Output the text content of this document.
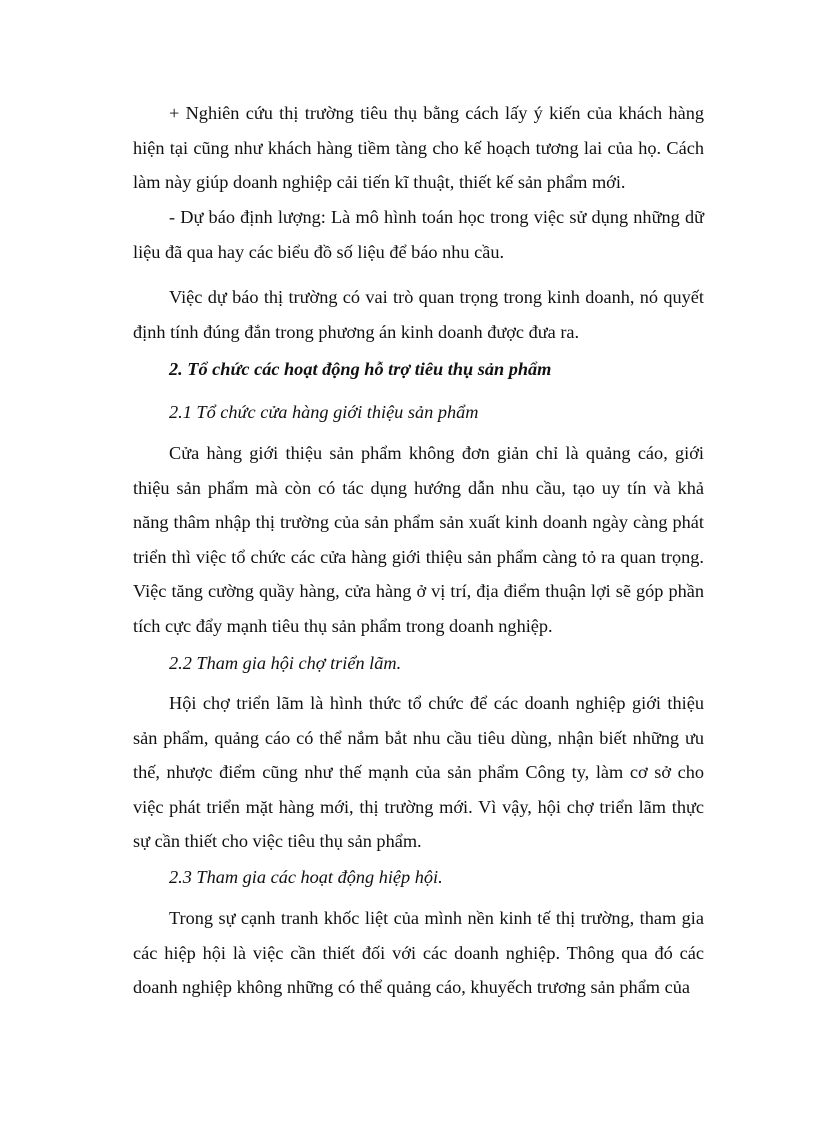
+ Nghiên cứu thị trường tiêu thụ bằng cách lấy ý kiến của khách hàng hiện tại cũng như khách hàng tiềm tàng cho kế hoạch tương lai của họ. Cách làm này giúp doanh nghiệp cải tiến kĩ thuật, thiết kế sản phẩm mới.

- Dự báo định lượng: Là mô hình toán học trong việc sử dụng những dữ liệu đã qua hay các biểu đồ số liệu để báo nhu cầu.

Việc dự báo thị trường có vai trò quan trọng trong kinh doanh, nó quyết định tính đúng đắn trong phương án kinh doanh được đưa ra.

2. Tổ chức các hoạt động hỗ trợ tiêu thụ sản phẩm

2.1 Tổ chức cửa hàng giới thiệu sản phẩm

Cửa hàng giới thiệu sản phẩm không đơn giản chỉ là quảng cáo, giới thiệu sản phẩm mà còn có tác dụng hướng dẫn nhu cầu, tạo uy tín và khả năng thâm nhập thị trường của sản phẩm sản xuất kinh doanh ngày càng phát triển thì việc tổ chức các cửa hàng giới thiệu sản phẩm càng tỏ ra quan trọng. Việc tăng cường quầy hàng, cửa hàng ở vị trí, địa điểm thuận lợi sẽ góp phần tích cực đẩy mạnh tiêu thụ sản phẩm trong doanh nghiệp.

2.2 Tham gia hội chợ triển lãm.

Hội chợ triển lãm là hình thức tổ chức để các doanh nghiệp giới thiệu sản phẩm, quảng cáo có thể nắm bắt nhu cầu tiêu dùng, nhận biết những ưu thế, nhược điểm cũng như thế mạnh của sản phẩm Công ty, làm cơ sở cho việc phát triển mặt hàng mới, thị trường mới. Vì vậy, hội chợ triển lãm thực sự cần thiết cho việc tiêu thụ sản phẩm.

2.3 Tham gia các hoạt động hiệp hội.

Trong sự cạnh tranh khốc liệt của mình nền kinh tế thị trường, tham gia các hiệp hội là việc cần thiết đối với các doanh nghiệp. Thông qua đó các doanh nghiệp không những có thể quảng cáo, khuyếch trương sản phẩm của
